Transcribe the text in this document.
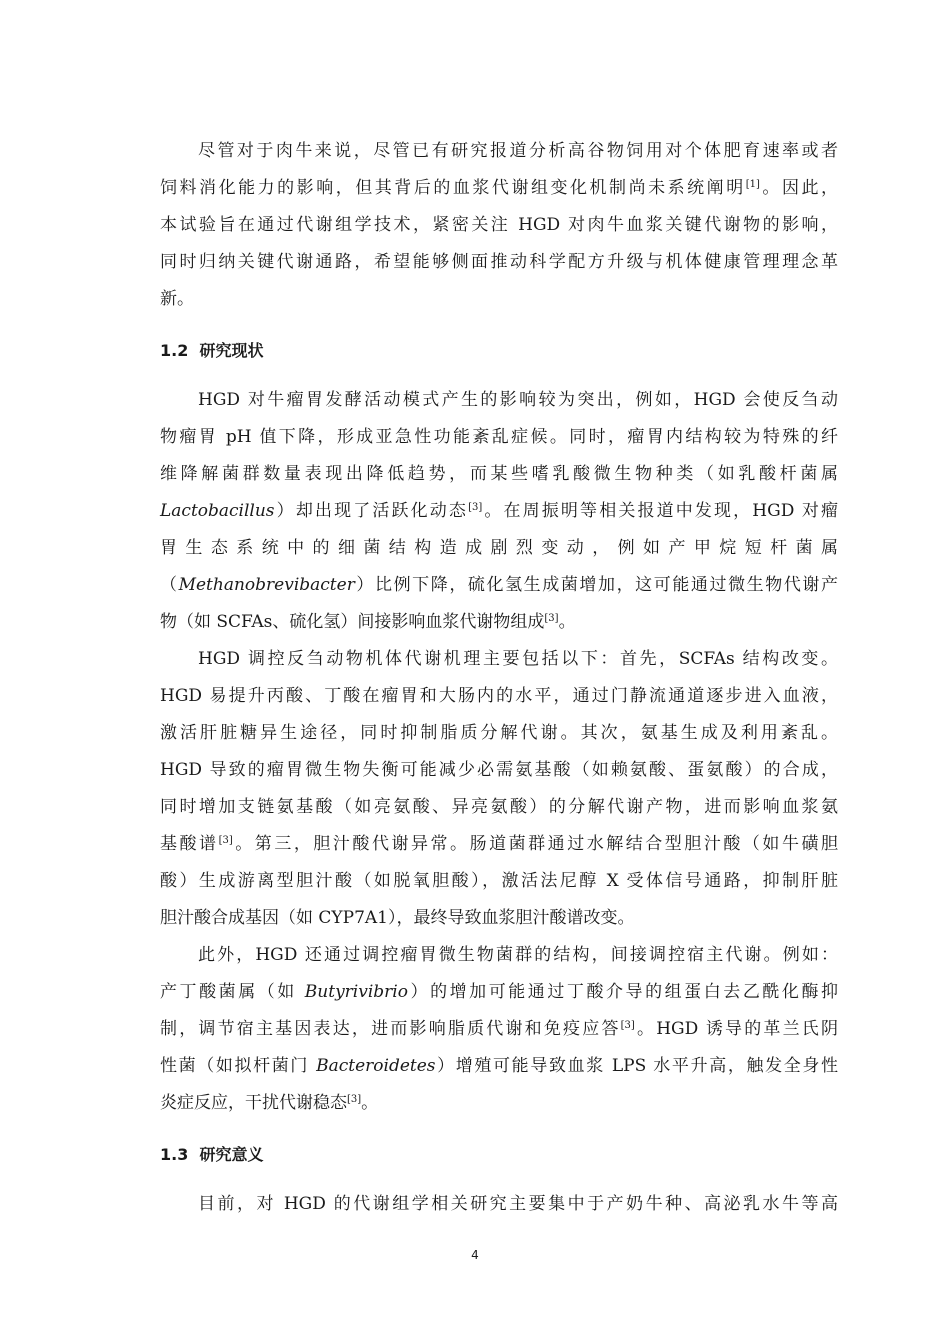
尽管对于肉牛来说，尽管已有研究报道分析高谷物饲用对个体肥育速率或者
饲料消化能力的影响，但其背后的血浆代谢组变化机制尚未系统阐明[1]。因此，
本试验旨在通过代谢组学技术，紧密关注 HGD 对肉牛血浆关键代谢物的影响，
同时归纳关键代谢通路，希望能够侧面推动科学配方升级与机体健康管理理念革
新。
1.2 研究现状
HGD 对牛瘤胃发酵活动模式产生的影响较为突出，例如，HGD 会使反刍动
物瘤胃 pH 值下降，形成亚急性功能紊乱症候。同时，瘤胃内结构较为特殊的纤
维降解菌群数量表现出降低趋势，而某些嗜乳酸微生物种类（如乳酸杆菌属
Lactobacillus）却出现了活跃化动态[3]。在周振明等相关报道中发现，HGD 对瘤
胃生态系统中的细菌结构造成剧烈变动，例如产甲烷短杆菌属
（Methanobrevibacter）比例下降，硫化氢生成菌增加，这可能通过微生物代谢产
物（如 SCFAs、硫化氢）间接影响血浆代谢物组成[3]。
HGD 调控反刍动物机体代谢机理主要包括以下：首先，SCFAs 结构改变。
HGD 易提升丙酸、丁酸在瘤胃和大肠内的水平，通过门静流通道逐步进入血液，
激活肝脏糖异生途径，同时抑制脂质分解代谢。其次，氨基生成及利用紊乱。
HGD 导致的瘤胃微生物失衡可能减少必需氨基酸（如赖氨酸、蛋氨酸）的合成，
同时增加支链氨基酸（如亮氨酸、异亮氨酸）的分解代谢产物，进而影响血浆氨
基酸谱[3]。第三，胆汁酸代谢异常。肠道菌群通过水解结合型胆汁酸（如牛磺胆
酸）生成游离型胆汁酸（如脱氧胆酸），激活法尼醇 X 受体信号通路，抑制肝脏
胆汁酸合成基因（如 CYP7A1），最终导致血浆胆汁酸谱改变。
此外，HGD 还通过调控瘤胃微生物菌群的结构，间接调控宿主代谢。例如：
产丁酸菌属（如 Butyrivibrio）的增加可能通过丁酸介导的组蛋白去乙酰化酶抑
制，调节宿主基因表达，进而影响脂质代谢和免疫应答[3]。HGD 诱导的革兰氏阴
性菌（如拟杆菌门 Bacteroidetes）增殖可能导致血浆 LPS 水平升高，触发全身性
炎症反应，干扰代谢稳态[3]。
1.3 研究意义
目前，对 HGD 的代谢组学相关研究主要集中于产奶牛种、高泌乳水牛等高
4
